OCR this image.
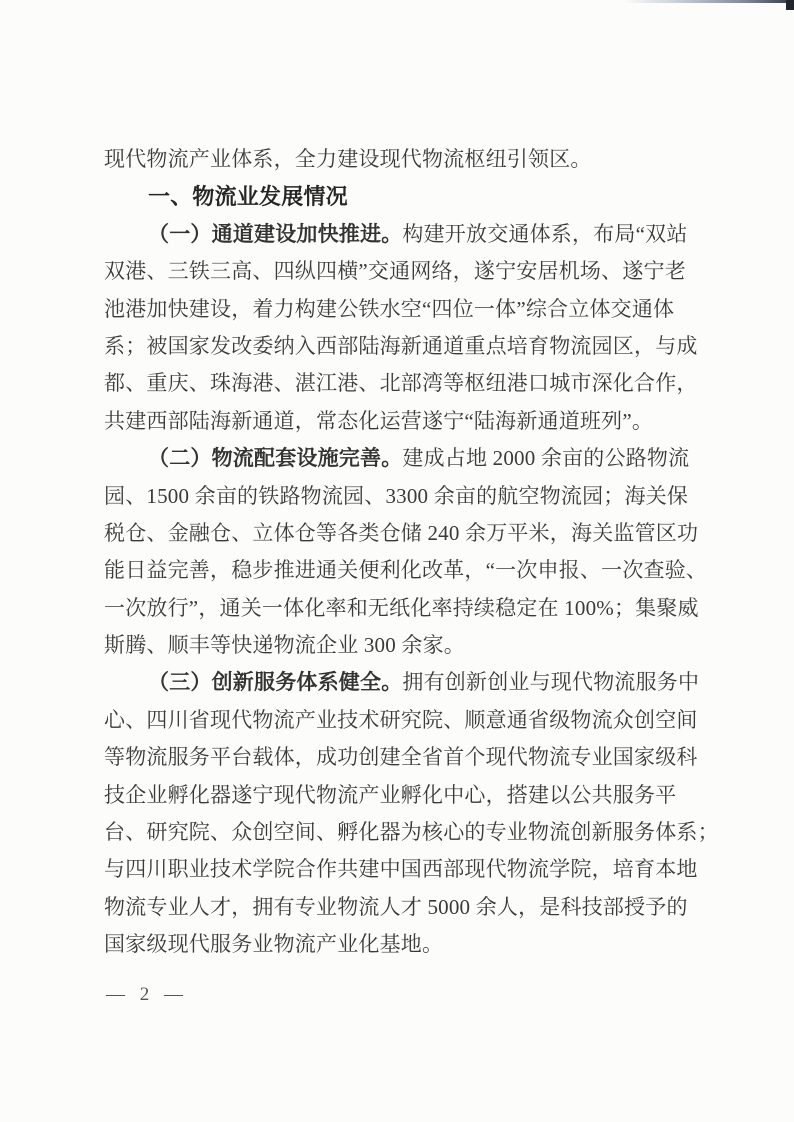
现代物流产业体系，全力建设现代物流枢纽引领区。
一、物流业发展情况
（一）通道建设加快推进。构建开放交通体系，布局“双站
双港、三铁三高、四纵四横”交通网络，遂宁安居机场、遂宁老
池港加快建设，着力构建公铁水空“四位一体”综合立体交通体
系；被国家发改委纳入西部陆海新通道重点培育物流园区，与成
都、重庆、珠海港、湛江港、北部湾等枢纽港口城市深化合作，
共建西部陆海新通道，常态化运营遂宁“陆海新通道班列”。
（二）物流配套设施完善。建成占地 2000 余亩的公路物流
园、1500 余亩的铁路物流园、3300 余亩的航空物流园；海关保
税仓、金融仓、立体仓等各类仓储 240 余万平米，海关监管区功
能日益完善，稳步推进通关便利化改革，“一次申报、一次查验、
一次放行”，通关一体化率和无纸化率持续稳定在 100%；集聚威
斯腾、顺丰等快递物流企业 300 余家。
（三）创新服务体系健全。拥有创新创业与现代物流服务中
心、四川省现代物流产业技术研究院、顺意通省级物流众创空间
等物流服务平台载体，成功创建全省首个现代物流专业国家级科
技企业孵化器遂宁现代物流产业孵化中心，搭建以公共服务平
台、研究院、众创空间、孵化器为核心的专业物流创新服务体系；
与四川职业技术学院合作共建中国西部现代物流学院，培育本地
物流专业人才，拥有专业物流人才 5000 余人，是科技部授予的
国家级现代服务业物流产业化基地。
— 2 —
